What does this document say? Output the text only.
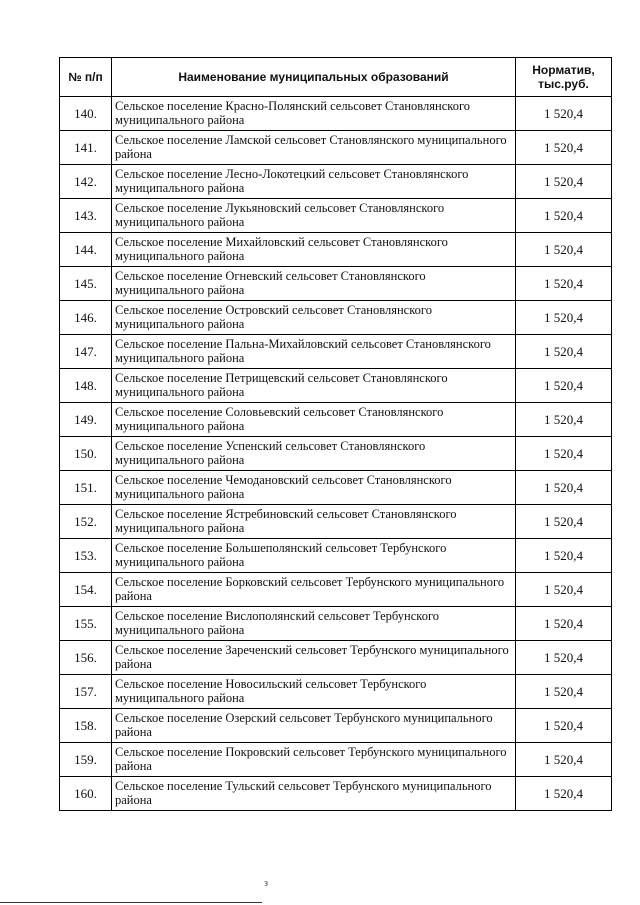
№ п/п	Наименование муниципальных образований	Норматив,
тыс.руб.

140.	Сельское поселение Красно-Полянский сельсовет Становлянского муниципального района	1 520,4
141.	Сельское поселение Ламской сельсовет Становлянского муниципального района	1 520,4
142.	Сельское поселение Лесно-Локотецкий сельсовет Становлянского муниципального района	1 520,4
143.	Сельское поселение Лукьяновский сельсовет Становлянского муниципального района	1 520,4
144.	Сельское поселение Михайловский сельсовет Становлянского муниципального района	1 520,4
145.	Сельское поселение Огневский сельсовет Становлянского муниципального района	1 520,4
146.	Сельское поселение Островский сельсовет Становлянского муниципального района	1 520,4
147.	Сельское поселение Пальна-Михайловский сельсовет Становлянского муниципального района	1 520,4
148.	Сельское поселение Петрищевский сельсовет Становлянского муниципального района	1 520,4
149.	Сельское поселение Соловьевский сельсовет Становлянского муниципального района	1 520,4
150.	Сельское поселение Успенский сельсовет Становлянского муниципального района	1 520,4
151.	Сельское поселение Чемодановский сельсовет Становлянского муниципального района	1 520,4
152.	Сельское поселение Ястребиновский сельсовет Становлянского муниципального района	1 520,4
153.	Сельское поселение Большеполянский сельсовет Тербунского муниципального района	1 520,4
154.	Сельское поселение Борковский сельсовет Тербунского муниципального района	1 520,4
155.	Сельское поселение Вислополянский сельсовет Тербунского муниципального района	1 520,4
156.	Сельское поселение Зареченский сельсовет Тербунского муниципального района	1 520,4
157.	Сельское поселение Новосильский сельсовет Тербунского муниципального района	1 520,4
158.	Сельское поселение Озерский сельсовет Тербунского муниципального района	1 520,4
159.	Сельское поселение Покровский сельсовет Тербунского муниципального района	1 520,4
160.	Сельское поселение Тульский сельсовет Тербунского муниципального района	1 520,4
з
